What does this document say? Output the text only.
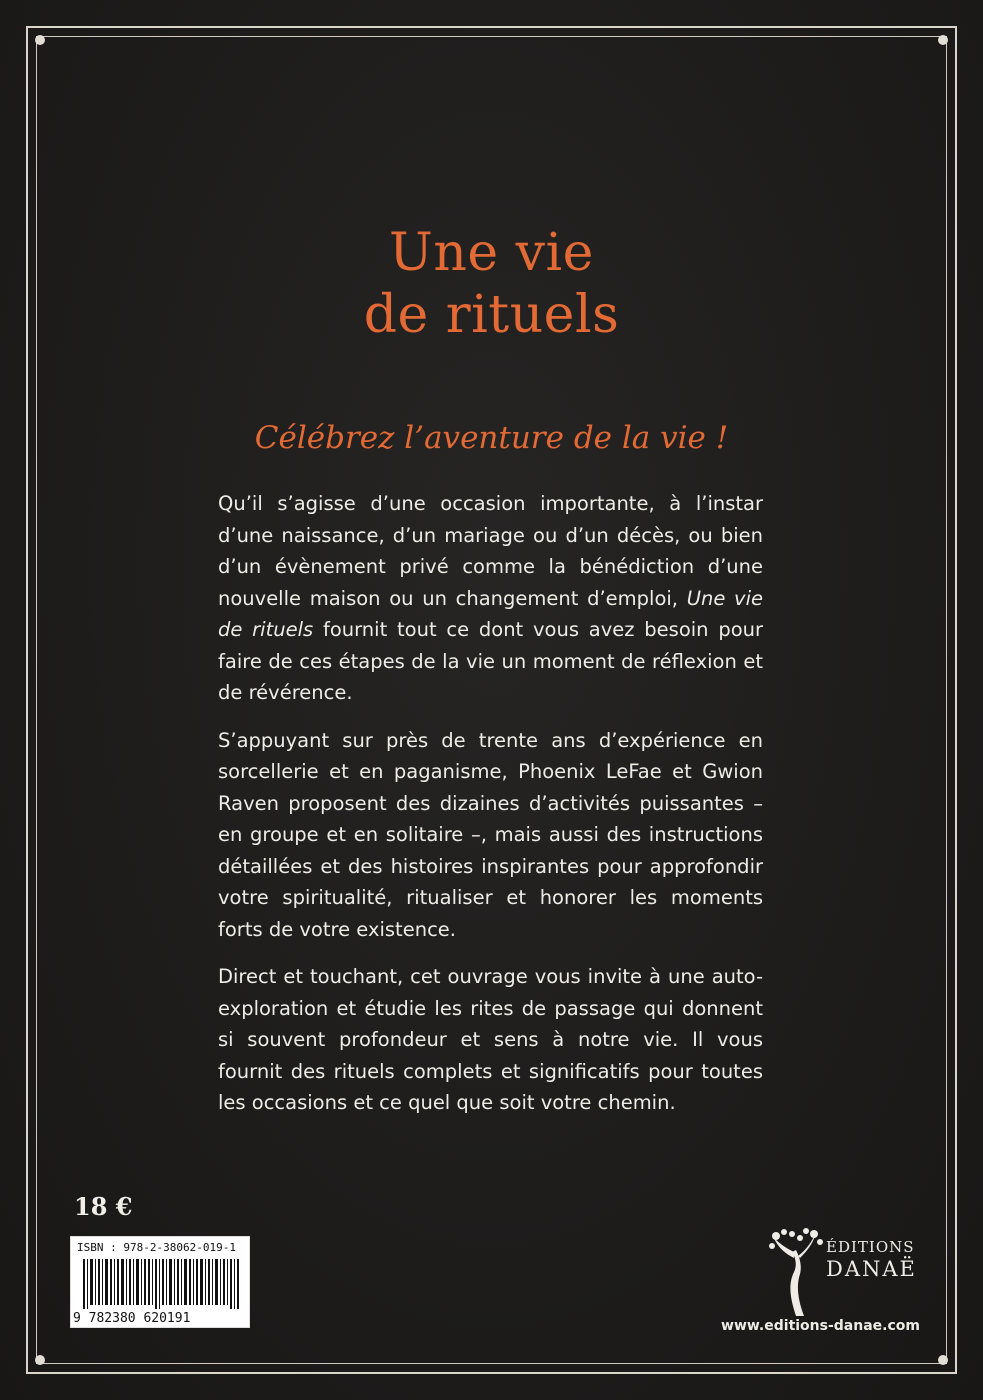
Une vie
de rituels
Célébrez l’aventure de la vie !

Qu’il s’agisse d’une occasion importante, à l’instar d’une naissance, d’un mariage ou d’un décès, ou bien d’un évènement privé comme la bénédiction d’une nouvelle maison ou un changement d’emploi, Une vie de rituels fournit tout ce dont vous avez besoin pour faire de ces étapes de la vie un moment de réflexion et de révérence.

S’appuyant sur près de trente ans d’expérience en sorcellerie et en paganisme, Phoenix LeFae et Gwion Raven proposent des dizaines d’activités puissantes – en groupe et en solitaire –, mais aussi des instructions détaillées et des histoires inspirantes pour approfondir votre spiritualité, ritualiser et honorer les moments forts de votre existence.

Direct et touchant, cet ouvrage vous invite à une auto-exploration et étudie les rites de passage qui donnent si souvent profondeur et sens à notre vie. Il vous fournit des rituels complets et significatifs pour toutes les occasions et ce quel que soit votre chemin.

18 €
ISBN : 978-2-38062-019-1
9 782380 620191
ÉDITIONS
DANAË
www.editions-danae.com
